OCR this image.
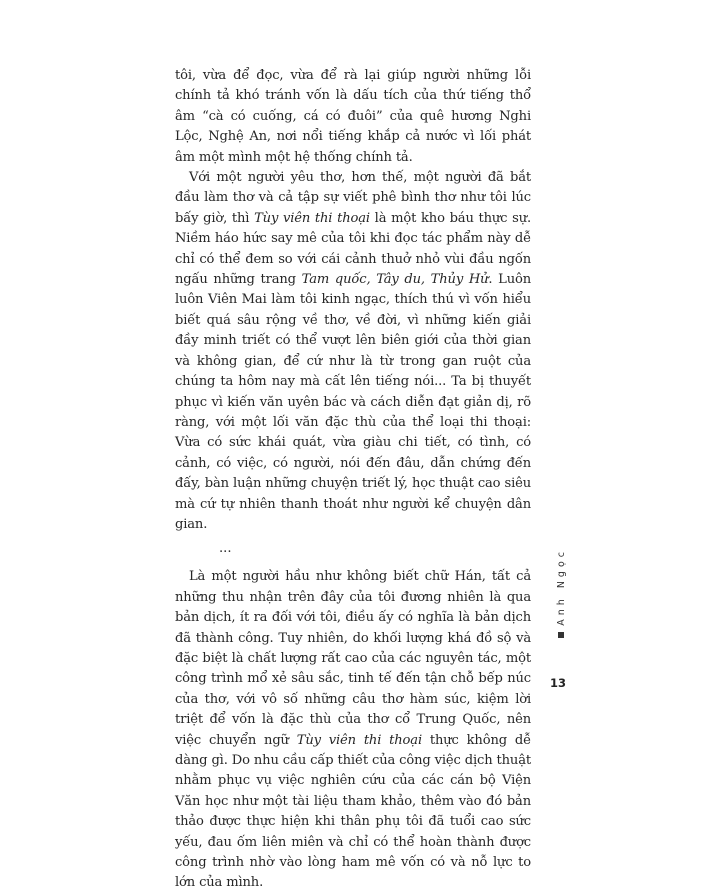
tôi, vừa để đọc, vừa để rà lại giúp người những lỗi chính tả khó tránh vốn là dấu tích của thứ tiếng thổ âm “cà có cuống, cá có đuôi” của quê hương Nghi Lộc, Nghệ An, nơi nổi tiếng khắp cả nước vì lối phát âm một mình một hệ thống chính tả.

Với một người yêu thơ, hơn thế, một người đã bắt đầu làm thơ và cả tập sự viết phê bình thơ như tôi lúc bấy giờ, thì Tùy viên thi thoại là một kho báu thực sự. Niềm háo hức say mê của tôi khi đọc tác phẩm này dễ chỉ có thể đem so với cái cảnh thuở nhỏ vùi đầu ngốn ngấu những trang Tam quốc, Tây du, Thủy Hử. Luôn luôn Viên Mai làm tôi kinh ngạc, thích thú vì vốn hiểu biết quá sâu rộng về thơ, về đời, vì những kiến giải đầy minh triết có thể vượt lên biên giới của thời gian và không gian, để cứ như là từ trong gan ruột của chúng ta hôm nay mà cất lên tiếng nói... Ta bị thuyết phục vì kiến văn uyên bác và cách diễn đạt giản dị, rõ ràng, với một lối văn đặc thù của thể loại thi thoại: Vừa có sức khái quát, vừa giàu chi tiết, có tình, có cảnh, có việc, có người, nói đến đâu, dẫn chứng đến đấy, bàn luận những chuyện triết lý, học thuật cao siêu mà cứ tự nhiên thanh thoát như người kể chuyện dân gian.

...

Là một người hầu như không biết chữ Hán, tất cả những thu nhận trên đây của tôi đương nhiên là qua bản dịch, ít ra đối với tôi, điều ấy có nghĩa là bản dịch đã thành công. Tuy nhiên, do khối lượng khá đồ sộ và đặc biệt là chất lượng rất cao của các nguyên tác, một công trình mổ xẻ sâu sắc, tinh tế đến tận chỗ bếp núc của thơ, với vô số những câu thơ hàm súc, kiệm lời triệt để vốn là đặc thù của thơ cổ Trung Quốc, nên việc chuyển ngữ Tùy viên thi thoại thực không dễ dàng gì. Do nhu cầu cấp thiết của công việc dịch thuật nhằm phục vụ việc nghiên cứu của các cán bộ Viện Văn học như một tài liệu tham khảo, thêm vào đó bản thảo được thực hiện khi thân phụ tôi đã tuổi cao sức yếu, đau ốm liên miên và chỉ có thể hoàn thành được công trình nhờ vào lòng ham mê vốn có và nỗ lực to lớn của mình.

Anh Ngọc
13
